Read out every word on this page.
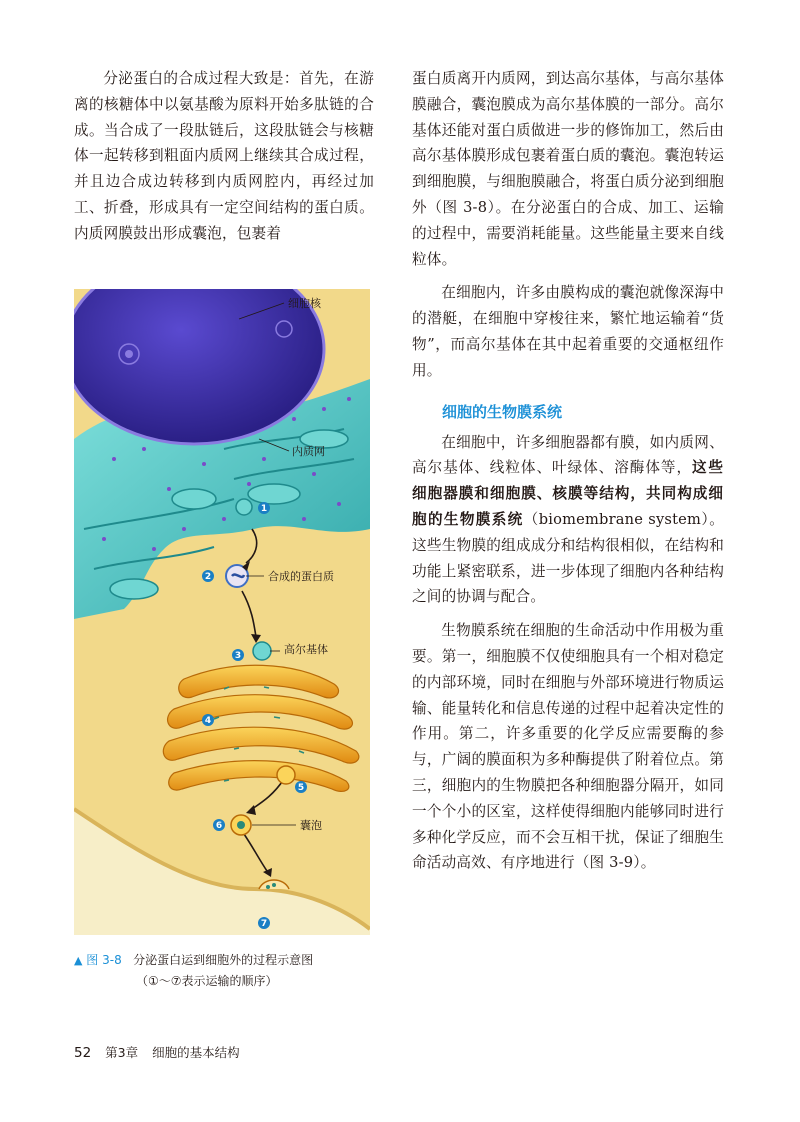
分泌蛋白的合成过程大致是：首先，在游离的核糖体中以氨基酸为原料开始多肽链的合成。当合成了一段肽链后，这段肽链会与核糖体一起转移到粗面内质网上继续其合成过程，并且边合成边转移到内质网腔内，再经过加工、折叠，形成具有一定空间结构的蛋白质。内质网膜鼓出形成囊泡，包裹着

细胞核
内质网
合成的蛋白质
高尔基体
囊泡
1
2
3
4
5
6
7
▲ 图 3-8 分泌蛋白运到细胞外的过程示意图
（①～⑦表示运输的顺序）

蛋白质离开内质网，到达高尔基体，与高尔基体膜融合，囊泡膜成为高尔基体膜的一部分。高尔基体还能对蛋白质做进一步的修饰加工，然后由高尔基体膜形成包裹着蛋白质的囊泡。囊泡转运到细胞膜，与细胞膜融合，将蛋白质分泌到细胞外（图 3-8）。在分泌蛋白的合成、加工、运输的过程中，需要消耗能量。这些能量主要来自线粒体。

在细胞内，许多由膜构成的囊泡就像深海中的潜艇，在细胞中穿梭往来，繁忙地运输着“货物”，而高尔基体在其中起着重要的交通枢纽作用。

细胞的生物膜系统

在细胞中，许多细胞器都有膜，如内质网、高尔基体、线粒体、叶绿体、溶酶体等，这些细胞器膜和细胞膜、核膜等结构，共同构成细胞的生物膜系统（biomembrane system）。这些生物膜的组成成分和结构很相似，在结构和功能上紧密联系，进一步体现了细胞内各种结构之间的协调与配合。

生物膜系统在细胞的生命活动中作用极为重要。第一，细胞膜不仅使细胞具有一个相对稳定的内部环境，同时在细胞与外部环境进行物质运输、能量转化和信息传递的过程中起着决定性的作用。第二，许多重要的化学反应需要酶的参与，广阔的膜面积为多种酶提供了附着位点。第三，细胞内的生物膜把各种细胞器分隔开，如同一个个小的区室，这样使得细胞内能够同时进行多种化学反应，而不会互相干扰，保证了细胞生命活动高效、有序地进行（图 3-9）。

52 第3章 细胞的基本结构
